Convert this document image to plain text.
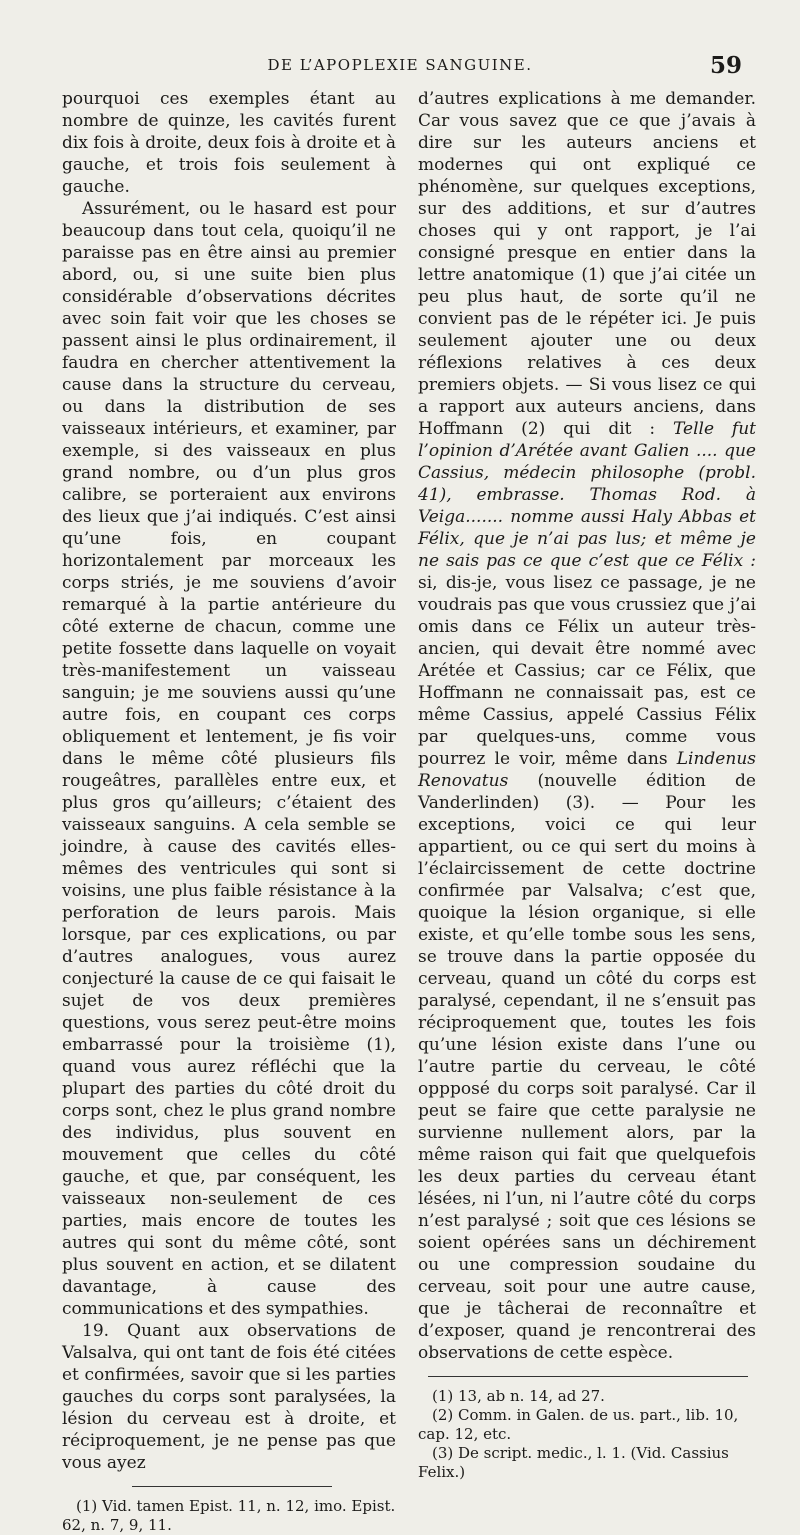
DE L’APOPLEXIE SANGUINE.	59

pourquoi ces exemples étant au nombre de quinze, les cavités furent dix fois à droite, deux fois à droite et à gauche, et trois fois seulement à gauche.

Assurément, ou le hasard est pour beaucoup dans tout cela, quoiqu’il ne paraisse pas en être ainsi au premier abord, ou, si une suite bien plus considérable d’observations décrites avec soin fait voir que les choses se passent ainsi le plus ordinairement, il faudra en chercher attentivement la cause dans la structure du cerveau, ou dans la distribution de ses vaisseaux intérieurs, et examiner, par exemple, si des vaisseaux en plus grand nombre, ou d’un plus gros calibre, se porteraient aux environs des lieux que j’ai indiqués. C’est ainsi qu’une fois, en coupant horizontalement par morceaux les corps striés, je me souviens d’avoir remarqué à la partie antérieure du côté externe de chacun, comme une petite fossette dans laquelle on voyait très-manifestement un vaisseau sanguin; je me souviens aussi qu’une autre fois, en coupant ces corps obliquement et lentement, je fis voir dans le même côté plusieurs fils rougeâtres, parallèles entre eux, et plus gros qu’ailleurs; c’étaient des vaisseaux sanguins. A cela semble se joindre, à cause des cavités elles-mêmes des ventricules qui sont si voisins, une plus faible résistance à la perforation de leurs parois. Mais lorsque, par ces explications, ou par d’autres analogues, vous aurez conjecturé la cause de ce qui faisait le sujet de vos deux premières questions, vous serez peut-être moins embarrassé pour la troisième (1), quand vous aurez réfléchi que la plupart des parties du côté droit du corps sont, chez le plus grand nombre des individus, plus souvent en mouvement que celles du côté gauche, et que, par conséquent, les vaisseaux non-seulement de ces parties, mais encore de toutes les autres qui sont du même côté, sont plus souvent en action, et se dilatent davantage, à cause des communications et des sympathies.

19. Quant aux observations de Valsalva, qui ont tant de fois été citées et confirmées, savoir que si les parties gauches du corps sont paralysées, la lésion du cerveau est à droite, et réciproquement, je ne pense pas que vous ayez

(1) Vid. tamen Epist. 11, n. 12, imo. Epist. 62, n. 7, 9, 11.

d’autres explications à me demander. Car vous savez que ce que j’avais à dire sur les auteurs anciens et modernes qui ont expliqué ce phénomène, sur quelques exceptions, sur des additions, et sur d’autres choses qui y ont rapport, je l’ai consigné presque en entier dans la lettre anatomique (1) que j’ai citée un peu plus haut, de sorte qu’il ne convient pas de le répéter ici. Je puis seulement ajouter une ou deux réflexions relatives à ces deux premiers objets. — Si vous lisez ce qui a rapport aux auteurs anciens, dans Hoffmann (2) qui dit : Telle fut l’opinion d’Arétée avant Galien .... que Cassius, médecin philosophe (probl. 41), embrasse. Thomas Rod. à Veiga....... nomme aussi Haly Abbas et Félix, que je n’ai pas lus; et même je ne sais pas ce que c’est que ce Félix : si, dis-je, vous lisez ce passage, je ne voudrais pas que vous crussiez que j’ai omis dans ce Félix un auteur très-ancien, qui devait être nommé avec Arétée et Cassius; car ce Félix, que Hoffmann ne connaissait pas, est ce même Cassius, appelé Cassius Félix par quelques-uns, comme vous pourrez le voir, même dans Lindenus Renovatus (nouvelle édition de Vanderlinden) (3). — Pour les exceptions, voici ce qui leur appartient, ou ce qui sert du moins à l’éclaircissement de cette doctrine confirmée par Valsalva; c’est que, quoique la lésion organique, si elle existe, et qu’elle tombe sous les sens, se trouve dans la partie opposée du cerveau, quand un côté du corps est paralysé, cependant, il ne s’ensuit pas réciproquement que, toutes les fois qu’une lésion existe dans l’une ou l’autre partie du cerveau, le côté oppposé du corps soit paralysé. Car il peut se faire que cette paralysie ne survienne nullement alors, par la même raison qui fait que quelquefois les deux parties du cerveau étant lésées, ni l’un, ni l’autre côté du corps n’est paralysé ; soit que ces lésions se soient opérées sans un déchirement ou une compression soudaine du cerveau, soit pour une autre cause, que je tâcherai de reconnaître et d’exposer, quand je rencontrerai des observations de cette espèce.

(1) 13, ab n. 14, ad 27.

(2) Comm. in Galen. de us. part., lib. 10, cap. 12, etc.

(3) De script. medic., l. 1. (Vid. Cassius Felix.)
